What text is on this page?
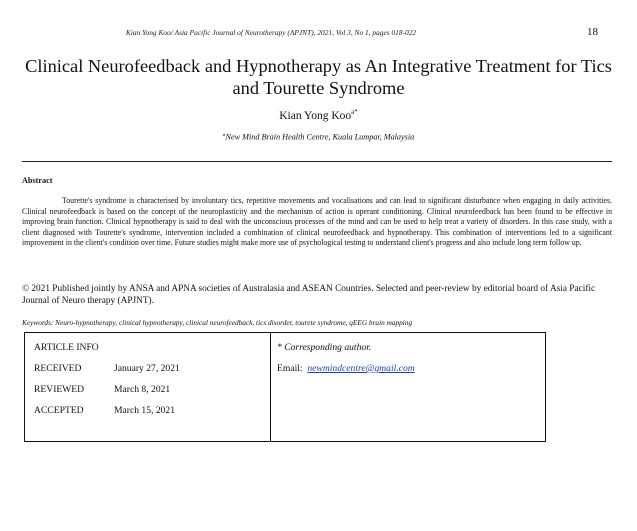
Kian Yong Koo/ Asia Pacific Journal of Neurotherapy (APJNT), 2021, Vol 3, No 1, pages 018-022	18
Clinical Neurofeedback and Hypnotherapy as An Integrative Treatment for Tics and Tourette Syndrome
Kian Yong Koo$^{a*}$
$^a$New Mind Brain Health Centre, Kuala Lumpar, Malaysia
Abstract
Tourette's syndrome is characterised by involuntary tics, repetitive movements and vocalisations and can lead to significant disturbance when engaging in daily activities. Clinical neurofeedback is based on the concept of the neuroplasticity and the mechanism of action is operant conditioning. Clinical neurofeedback has been found to be effective in improving brain function. Clinical hypnotherapy is said to deal with the unconscious processes of the mind and can be used to help treat a variety of disorders. In this case study, with a client diagnosed with Tourette's syndrome, intervention included a combination of clinical neurofeedback and hypnotherapy. This combination of interventions led to a significant improvement in the client's condition over time. Future studies might make more use of psychological testing to understand client's progress and also include long term follow up.
© 2021 Published jointly by ANSA and APNA societies of Australasia and ASEAN Countries. Selected and peer-review by editorial board of Asia Pacific Journal of Neuro therapy (APJNT).
Keywords: Neuro-hypnotherapy, clinical hypnotherapy, clinical neurofeedback, tics disorder, tourete syndrome, qEEG brain mapping
ARTICLE INFO
RECEIVED	January 27, 2021
REVIEWED	March 8, 2021
ACCEPTED	March 15, 2021
* Corresponding author.
Email: newmindcentre@gmail.com
